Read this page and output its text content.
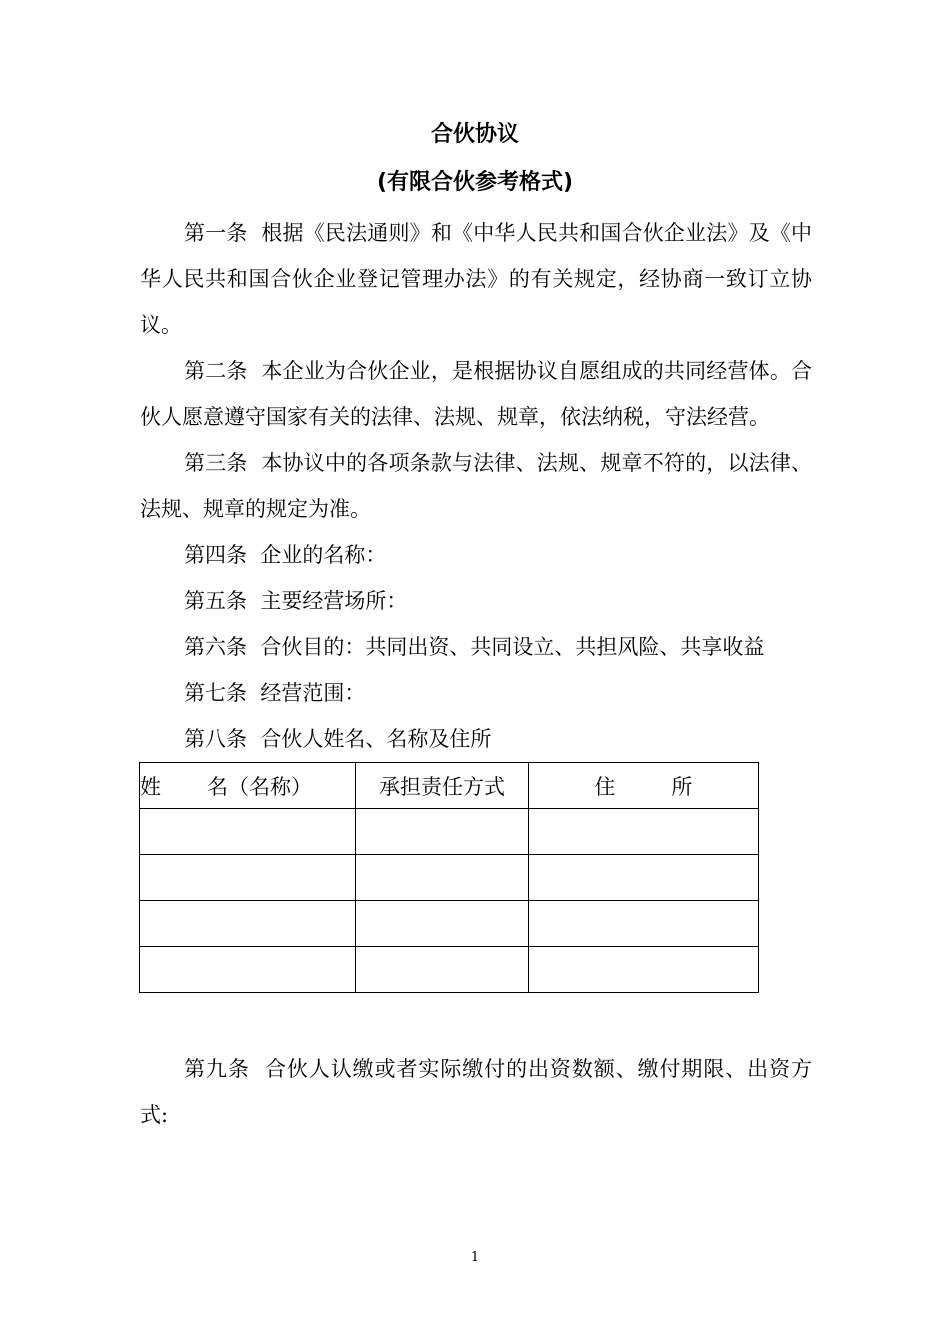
合伙协议
(有限合伙参考格式)

第一条 根据《民法通则》和《中华人民共和国合伙企业法》及《中华人民共和国合伙企业登记管理办法》的有关规定，经协商一致订立协议。

第二条 本企业为合伙企业，是根据协议自愿组成的共同经营体。合伙人愿意遵守国家有关的法律、法规、规章，依法纳税，守法经营。

第三条 本协议中的各项条款与法律、法规、规章不符的，以法律、法规、规章的规定为准。

第四条 企业的名称：

第五条 主要经营场所：

第六条 合伙目的：共同出资、共同设立、共担风险、共享收益

第七条 经营范围：

第八条 合伙人姓名、名称及住所

姓 名（名称）	承担责任方式	住 所

第九条 合伙人认缴或者实际缴付的出资数额、缴付期限、出资方式:

1
